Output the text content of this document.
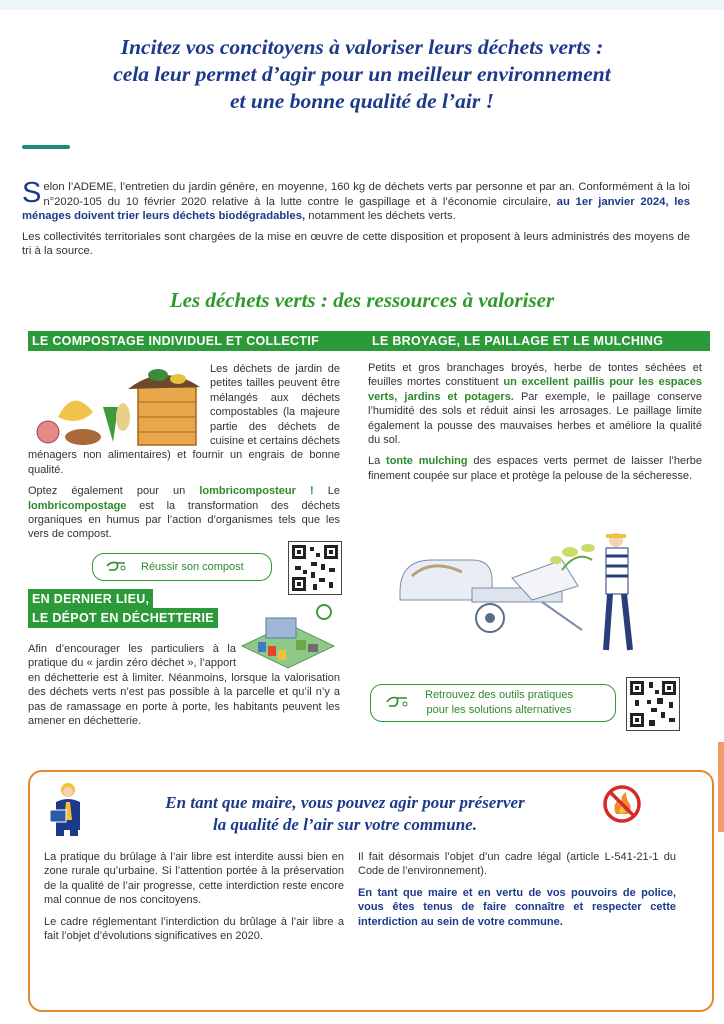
Incitez vos concitoyens à valoriser leurs déchets verts :
cela leur permet d’agir pour un meilleur environnement
et une bonne qualité de l’air !

Selon l’ADEME, l’entretien du jardin génère, en moyenne, 160 kg de déchets verts par personne et par an. Conformément à la loi n°2020-105 du 10 février 2020 relative à la lutte contre le gaspillage et à l’économie circulaire, au 1er janvier 2024, les ménages doivent trier leurs déchets biodégradables, notamment les déchets verts.

Les collectivités territoriales sont chargées de la mise en œuvre de cette disposition et proposent à leurs administrés des moyens de tri à la source.

Les déchets verts : des ressources à valoriser
LE COMPOSTAGE INDIVIDUEL ET COLLECTIF

Les déchets de jardin de petites tailles peuvent être mélangés aux déchets compostables (la majeure partie des déchets de cuisine et certains déchets ménagers non alimentaires) et fournir un engrais de bonne qualité.

Optez également pour un lombricomposteur ! Le lombricompostage est la transformation des déchets organiques en humus par l’action d’organismes tels que les vers de compost.

Réussir son compost
EN DERNIER LIEU,
LE DÉPOT EN DÉCHETTERIE

Afin d’encourager les particuliers à la pratique du « jardin zéro déchet », l’apport en déchetterie est à limiter. Néanmoins, lorsque la valorisation des déchets verts n’est pas possible à la parcelle et qu’il n’y a pas de ramassage en porte à porte, les habitants peuvent les amener en déchetterie.

LE BROYAGE, LE PAILLAGE ET LE MULCHING

Petits et gros branchages broyés, herbe de tontes séchées et feuilles mortes constituent un excellent paillis pour les espaces verts, jardins et potagers. Par exemple, le paillage conserve l’humidité des sols et réduit ainsi les arrosages. Le paillage limite également la pousse des mauvaises herbes et améliore la qualité du sol.

La tonte mulching des espaces verts permet de laisser l’herbe finement coupée sur place et protège la pelouse de la sécheresse.

Retrouvez des outils pratiques
pour les solutions alternatives
En tant que maire, vous pouvez agir pour préserver
la qualité de l’air sur votre commune.

La pratique du brûlage à l’air libre est interdite aussi bien en zone rurale qu’urbaine. Si l’attention portée à la préservation de la qualité de l’air progresse, cette interdiction reste encore mal connue de nos concitoyens.

Le cadre réglementant l’interdiction du brûlage à l’air libre a fait l’objet d’évolutions significatives en 2020.

Il fait désormais l’objet d’un cadre légal (article L-541-21-1 du Code de l’environnement).

En tant que maire et en vertu de vos pouvoirs de police, vous êtes tenus de faire connaître et respecter cette interdiction au sein de votre commune.
